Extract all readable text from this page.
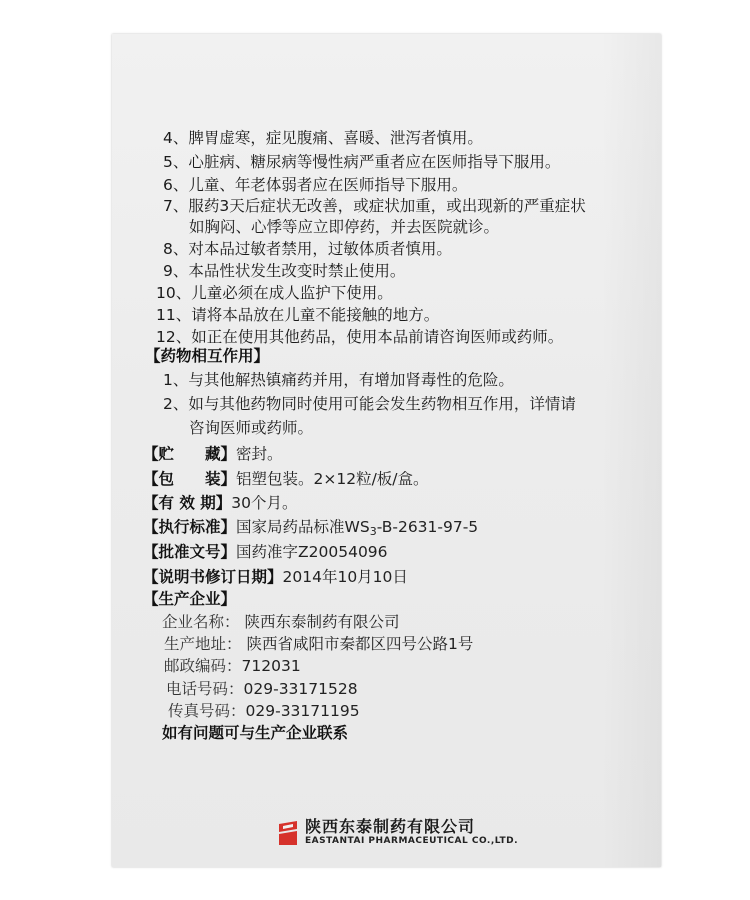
4、脾胃虚寒，症见腹痛、喜暖、泄泻者慎用。
5、心脏病、糖尿病等慢性病严重者应在医师指导下服用。
6、儿童、年老体弱者应在医师指导下服用。
7、服药3天后症状无改善，或症状加重，或出现新的严重症状
如胸闷、心悸等应立即停药，并去医院就诊。
8、对本品过敏者禁用，过敏体质者慎用。
9、本品性状发生改变时禁止使用。
10、儿童必须在成人监护下使用。
11、请将本品放在儿童不能接触的地方。
12、如正在使用其他药品，使用本品前请咨询医师或药师。
【药物相互作用】
1、与其他解热镇痛药并用，有增加肾毒性的危险。
2、如与其他药物同时使用可能会发生药物相互作用，详情请
咨询医师或药师。
【贮　　藏】密封。
【包　　装】铝塑包装。2×12粒/板/盒。
【有 效 期】30个月。
【执行标准】国家局药品标准$WS_3-B-2631-97-5$
【批准文号】国药准字Z20054096
【说明书修订日期】2014年10月10日
【生产企业】
企业名称： 陕西东泰制药有限公司
生产地址： 陕西省咸阳市秦都区四号公路1号
邮政编码：712031
电话号码：029-33171528
传真号码：029-33171195
如有问题可与生产企业联系
陕西东泰制药有限公司
EASTANTAI PHARMACEUTICAL CO.,LTD.
